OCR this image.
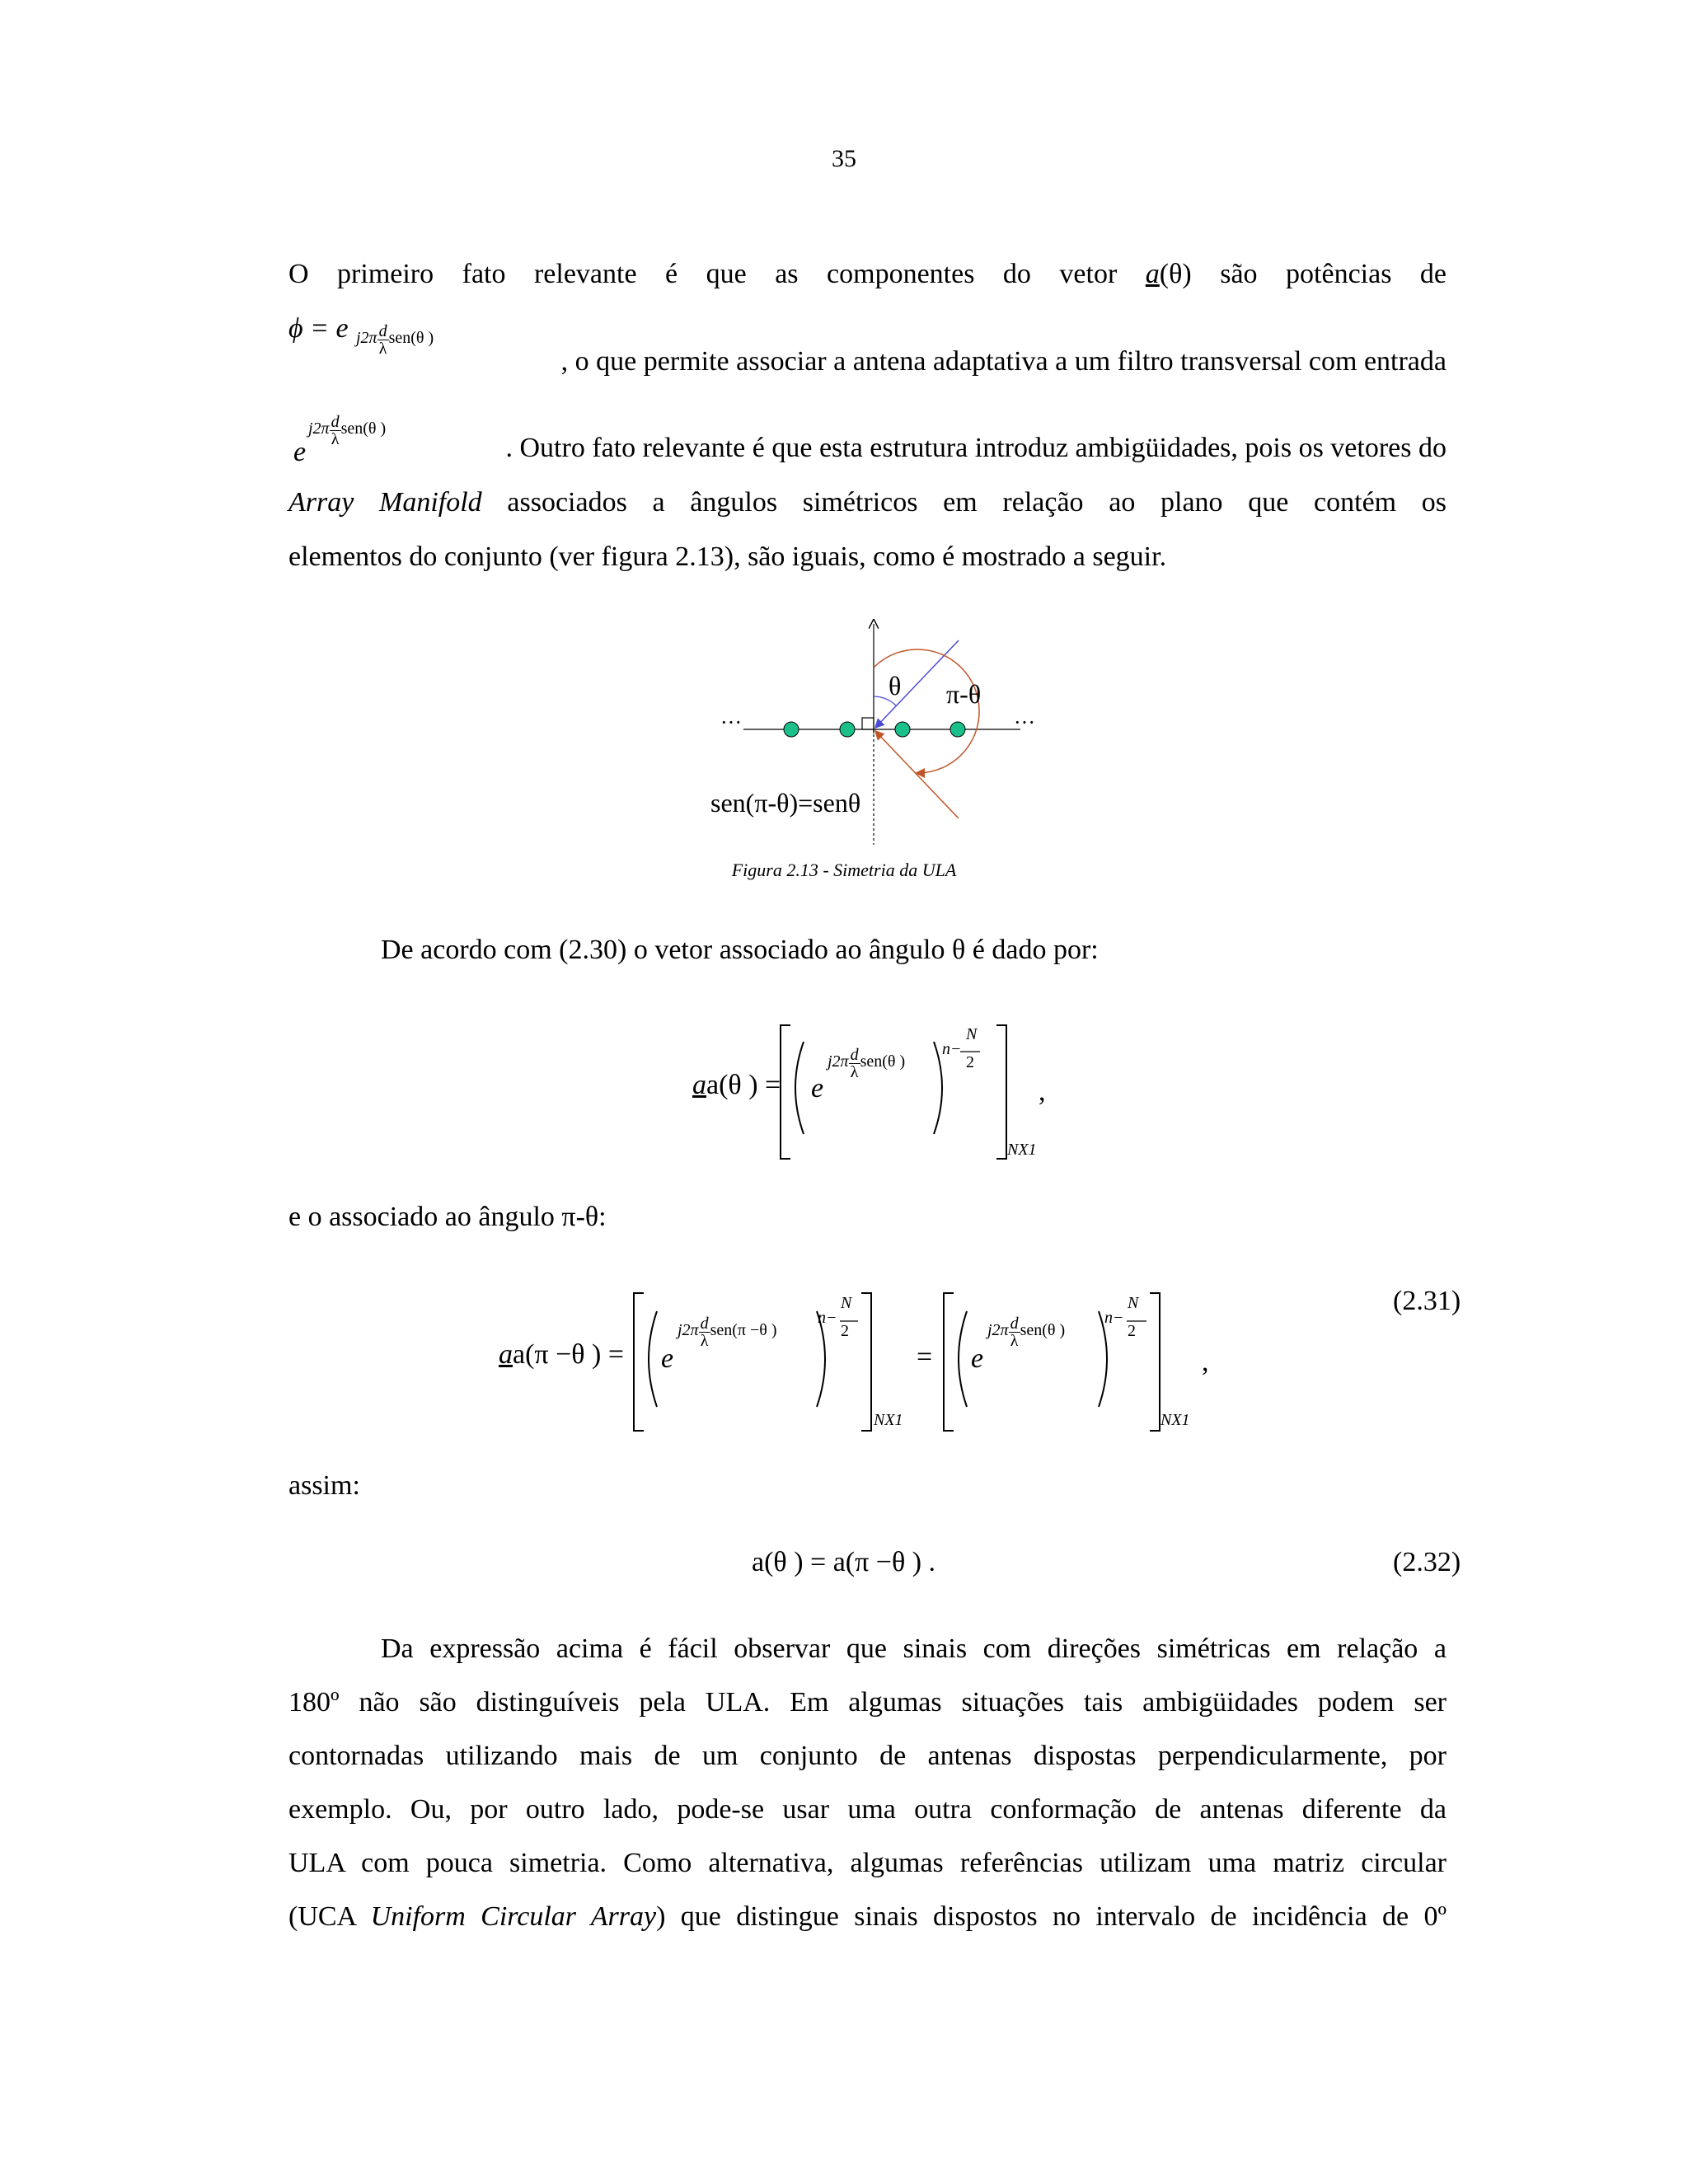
35
O primeiro fato relevante é que as componentes do vetor a(θ) são potências de
ϕ = e $j2\pi \frac{d}{\lambda} sen(\theta$ )
, o que permite associar a antena adaptativa a um filtro transversal com entrada
e
$j2\pi \frac{d}{\lambda} sen(\theta$ )
. Outro fato relevante é que esta estrutura introduz ambigüidades, pois os vetores do
Array Manifold associados a ângulos simétricos em relação ao plano que contém os
elementos do conjunto (ver figura 2.13), são iguais, como é mostrado a seguir.
···	···
θ π-θ
sen(π-θ)=senθ
Figura 2.13 - Simetria da ULA
De acordo com (2.30) o vetor associado ao ângulo θ é dado por:
aa(θ ) = e
$j2\pi \frac{d}{\lambda} sen(\theta$ )
n−
N
2
NX1
,
e o associado ao ângulo π-θ:
aa(π −θ ) = e
$j2\pi \frac{d}{\lambda} sen(\pi -\theta$ )
n−
N
2
NX1
= e
$j2\pi \frac{d}{\lambda} sen(\theta$ )
n−
N
2
NX1
,
(2.31)
assim:
a(θ ) = a(π −θ ) .	(2.32)
Da expressão acima é fácil observar que sinais com direções simétricas em relação a
180º não são distinguíveis pela ULA. Em algumas situações tais ambigüidades podem ser
contornadas utilizando mais de um conjunto de antenas dispostas perpendicularmente, por
exemplo. Ou, por outro lado, pode-se usar uma outra conformação de antenas diferente da
ULA com pouca simetria. Como alternativa, algumas referências utilizam uma matriz circular
(UCA Uniform Circular Array) que distingue sinais dispostos no intervalo de incidência de 0º
